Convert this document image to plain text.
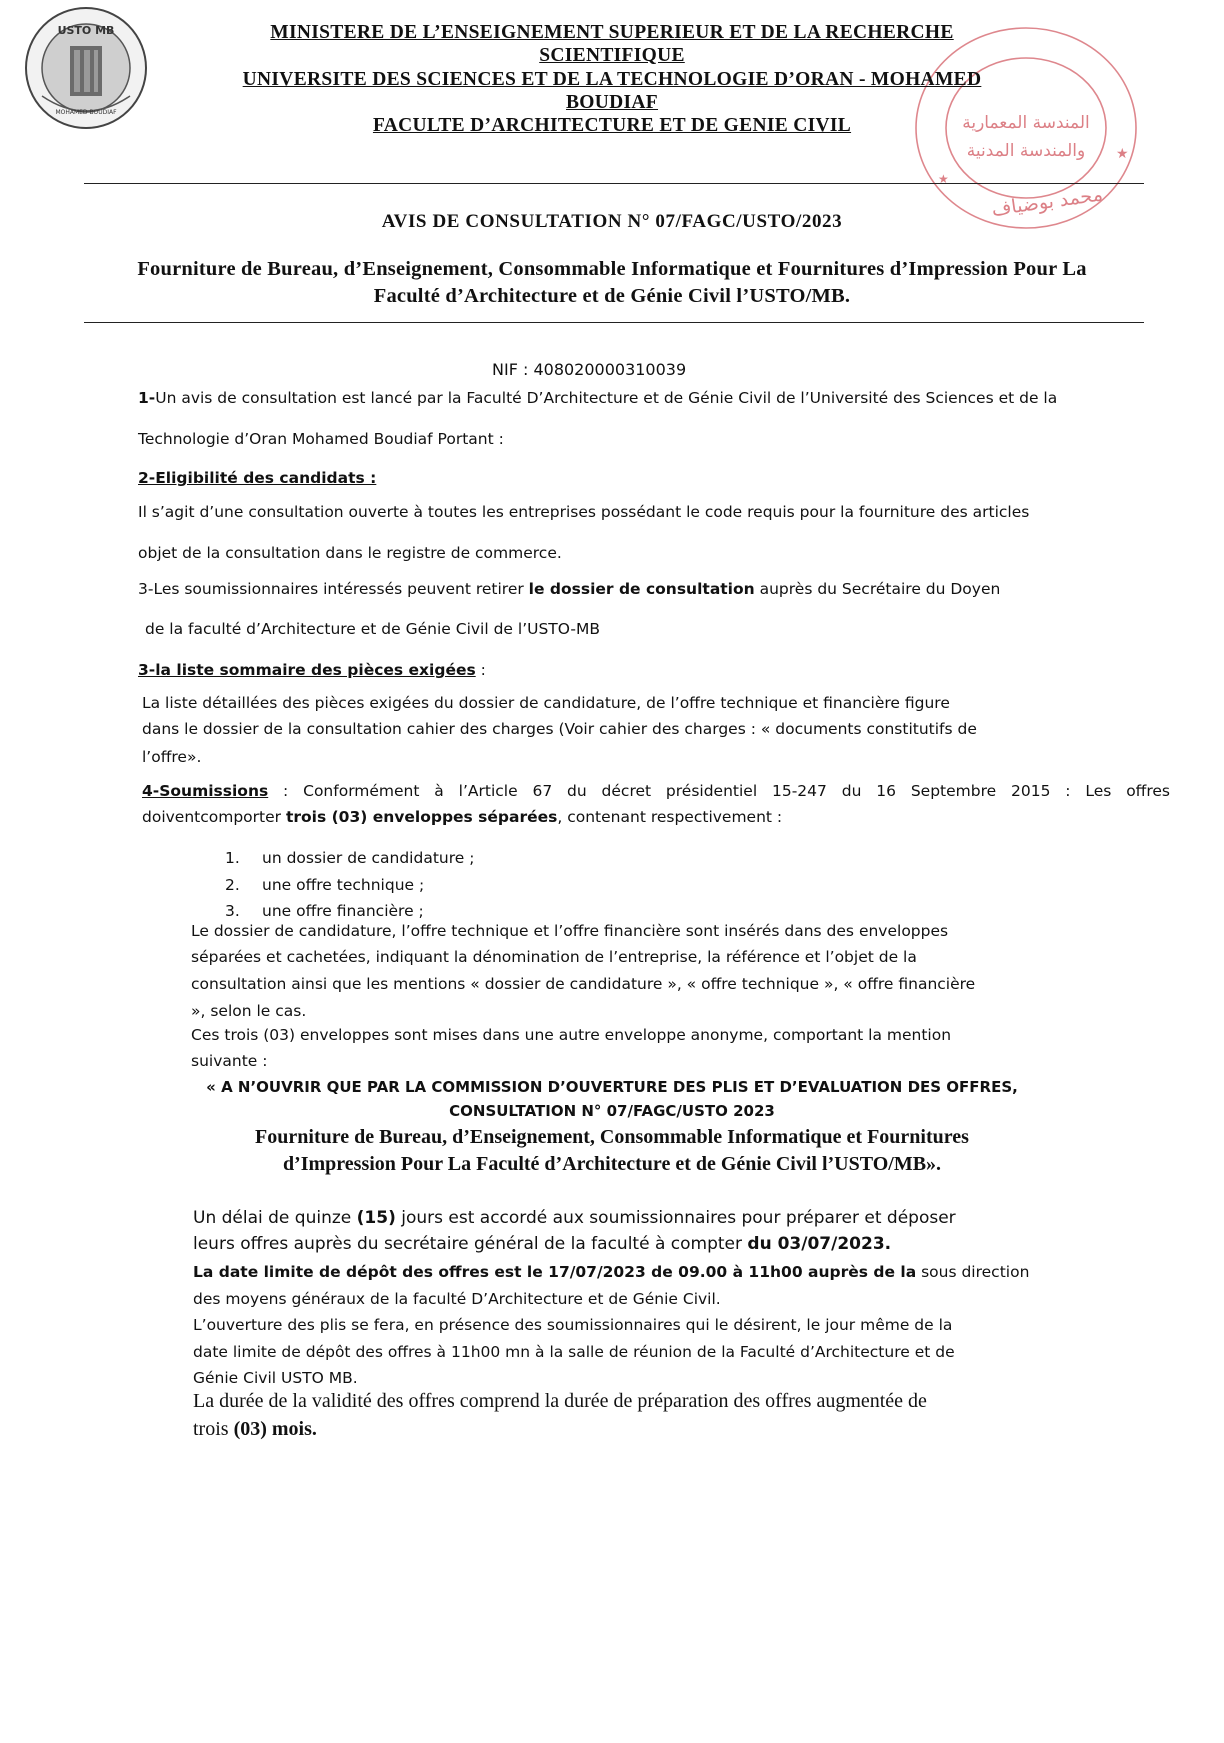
USTO MB
MOHAMED BOUDIAF
المندسة المعمارية
والمندسة المدنية
محمد بوضياف
★
★
MINISTERE DE L’ENSEIGNEMENT SUPERIEUR ET DE LA RECHERCHE
SCIENTIFIQUE
UNIVERSITE DES SCIENCES ET DE LA TECHNOLOGIE D’ORAN - MOHAMED
BOUDIAF
FACULTE D’ARCHITECTURE ET DE GENIE CIVIL
AVIS DE CONSULTATION N° 07/FAGC/USTO/2023
Fourniture de Bureau, d’Enseignement, Consommable Informatique et Fournitures d’Impression Pour La
Faculté d’Architecture et de Génie Civil l’USTO/MB.
NIF : 408020000310039
1-Un avis de consultation est lancé par la Faculté D’Architecture et de Génie Civil de l’Université des Sciences et de la
Technologie d’Oran Mohamed Boudiaf Portant :
2-Eligibilité des candidats :
Il s’agit d’une consultation ouverte à toutes les entreprises possédant le code requis pour la fourniture des articles
objet de la consultation dans le registre de commerce.
3-Les soumissionnaires intéressés peuvent retirer le dossier de consultation auprès du Secrétaire du Doyen
de la faculté d’Architecture et de Génie Civil de l’USTO-MB
3-la liste sommaire des pièces exigées :
La liste détaillées des pièces exigées du dossier de candidature, de l’offre technique et financière figure
dans le dossier de la consultation cahier des charges (Voir cahier des charges : « documents constitutifs de
l’offre».
4-Soumissions : Conformément à l’Article 67 du décret présidentiel 15-247 du 16 Septembre 2015 : Les offres
doiventcomporter trois (03) enveloppes séparées, contenant respectivement :
1. un dossier de candidature ;
2. une offre technique ;
3. une offre financière ;
Le dossier de candidature, l’offre technique et l’offre financière sont insérés dans des enveloppes
séparées et cachetées, indiquant la dénomination de l’entreprise, la référence et l’objet de la
consultation ainsi que les mentions « dossier de candidature », « offre technique », « offre financière
», selon le cas.
Ces trois (03) enveloppes sont mises dans une autre enveloppe anonyme, comportant la mention
suivante :
« A N’OUVRIR QUE PAR LA COMMISSION D’OUVERTURE DES PLIS ET D’EVALUATION DES OFFRES,
CONSULTATION N° 07/FAGC/USTO 2023
Fourniture de Bureau, d’Enseignement, Consommable Informatique et Fournitures
d’Impression Pour La Faculté d’Architecture et de Génie Civil l’USTO/MB».
Un délai de quinze (15) jours est accordé aux soumissionnaires pour préparer et déposer
leurs offres auprès du secrétaire général de la faculté à compter du 03/07/2023.
La date limite de dépôt des offres est le 17/07/2023 de 09.00 à 11h00 auprès de la sous direction
des moyens généraux de la faculté D’Architecture et de Génie Civil.
L’ouverture des plis se fera, en présence des soumissionnaires qui le désirent, le jour même de la
date limite de dépôt des offres à 11h00 mn à la salle de réunion de la Faculté d’Architecture et de
Génie Civil USTO MB.
La durée de la validité des offres comprend la durée de préparation des offres augmentée de
trois (03) mois.
